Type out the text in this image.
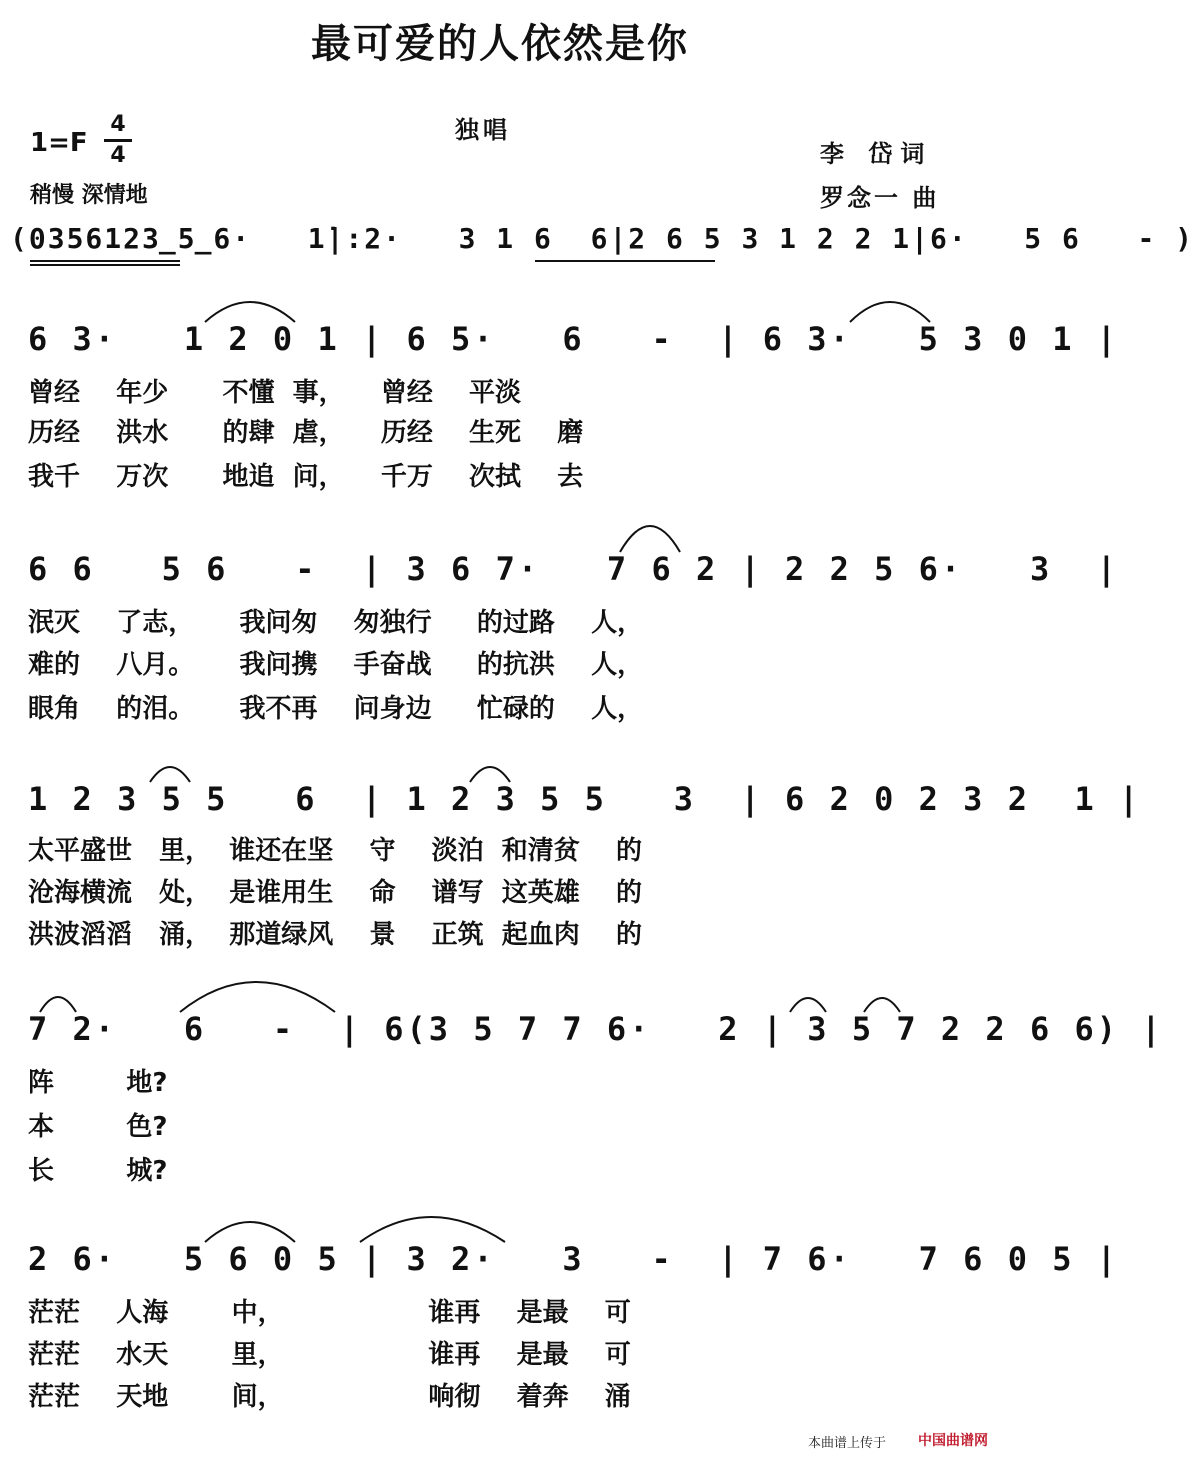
最可爱的人依然是你
独唱
1=F
4
4
稍慢 深情地
李 岱词
罗念一 曲
(0356123̲5̲6·   1̇|:2·   3 1 6  6|2 6 5 3 1 2 2 1|6·   5 6   - )
6 3·   1 2 0 1 | 6 5·   6   -  | 6 3·   5 3 0 1 |
曾经    年少      不懂  事，    曾经    平淡
历经    洪水      的肆  虐，    历经    生死    磨
我千    万次      地追  问，    千万    次拭    去
6 6   5 6   -  | 3 6 7·   7 6 2 | 2 2 5 6·   3  |
泯灭    了志，     我问匆    匆独行     的过路    人，
难的    八月。     我问携    手奋战     的抗洪    人，
眼角    的泪。     我不再    问身边     忙碌的    人，
1 2 3 5 5   6  | 1 2 3 5 5   3  | 6 2 0 2 3 2  1 |
太平盛世   里，  谁还在坚    守    淡泊  和清贫    的
沧海横流   处，  是谁用生    命    谱写  这英雄    的
洪波滔滔   涌，  那道绿风    景    正筑  起血肉    的
7 2·   6   -  | 6(3 5 7 7 6·   2 | 3 5 7 2 2 6 6) |
阵        地?
本        色?
长        城?
2 6·   5 6 0 5 | 3 2·   3   -  | 7 6·   7 6 0 5 |
茫茫    人海       中，                谁再    是最    可
茫茫    水天       里，                谁再    是最    可
茫茫    天地       间，                响彻    着奔    涌
本曲谱上传于 中国曲谱网
